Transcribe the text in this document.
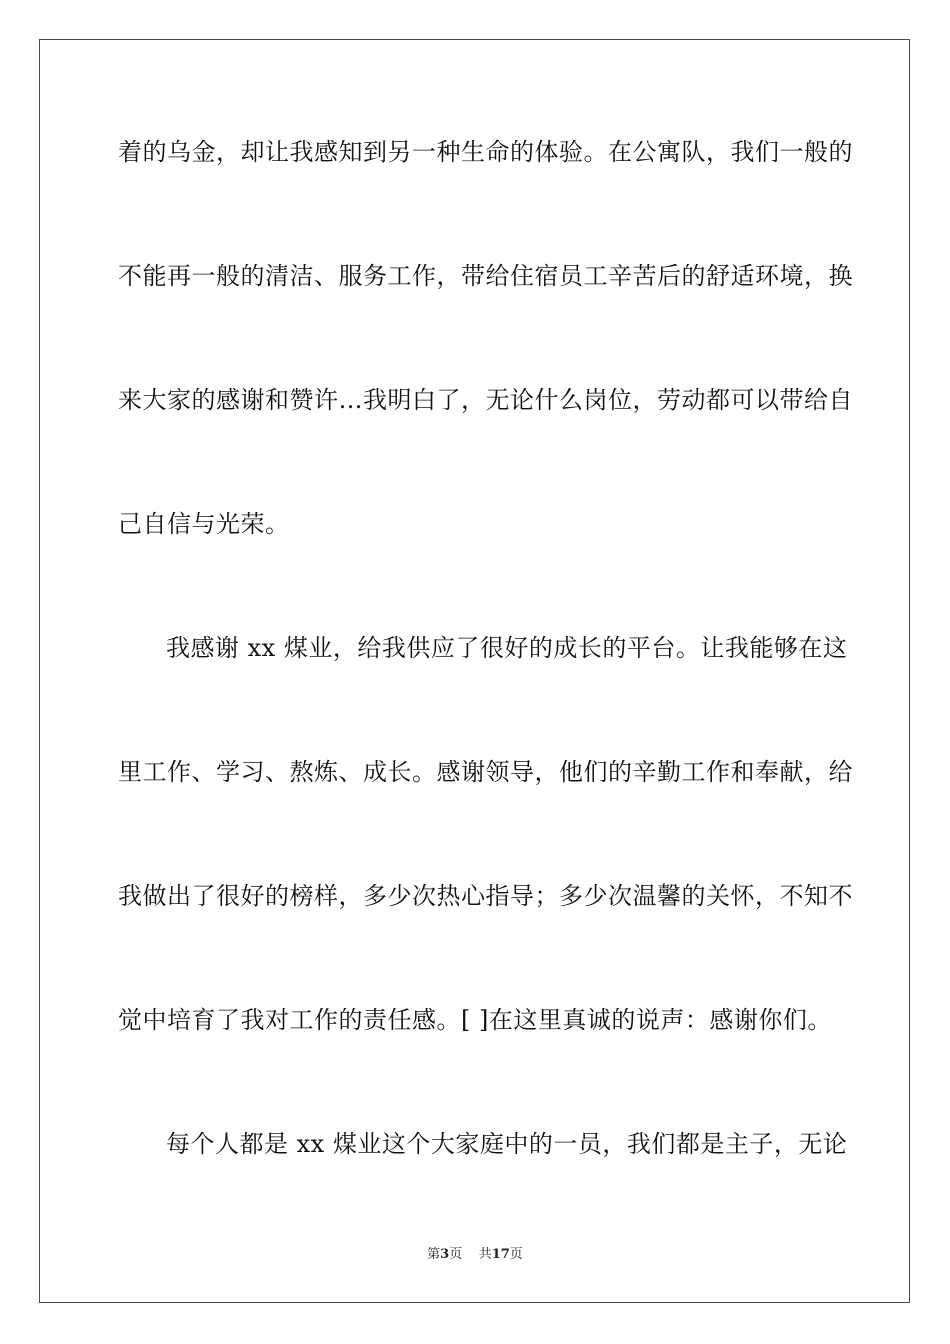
着的乌金，却让我感知到另一种生命的体验。在公寓队，我们一般的
不能再一般的清洁、服务工作，带给住宿员工辛苦后的舒适环境，换
来大家的感谢和赞许…我明白了，无论什么岗位，劳动都可以带给自
己自信与光荣。
我感谢 xx 煤业，给我供应了很好的成长的平台。让我能够在这
里工作、学习、熬炼、成长。感谢领导，他们的辛勤工作和奉献，给
我做出了很好的榜样，多少次热心指导；多少次温馨的关怀，不知不
觉中培育了我对工作的责任感。[ ]在这里真诚的说声：感谢你们。
每个人都是 xx 煤业这个大家庭中的一员，我们都是主子，无论
第3页 共17页
